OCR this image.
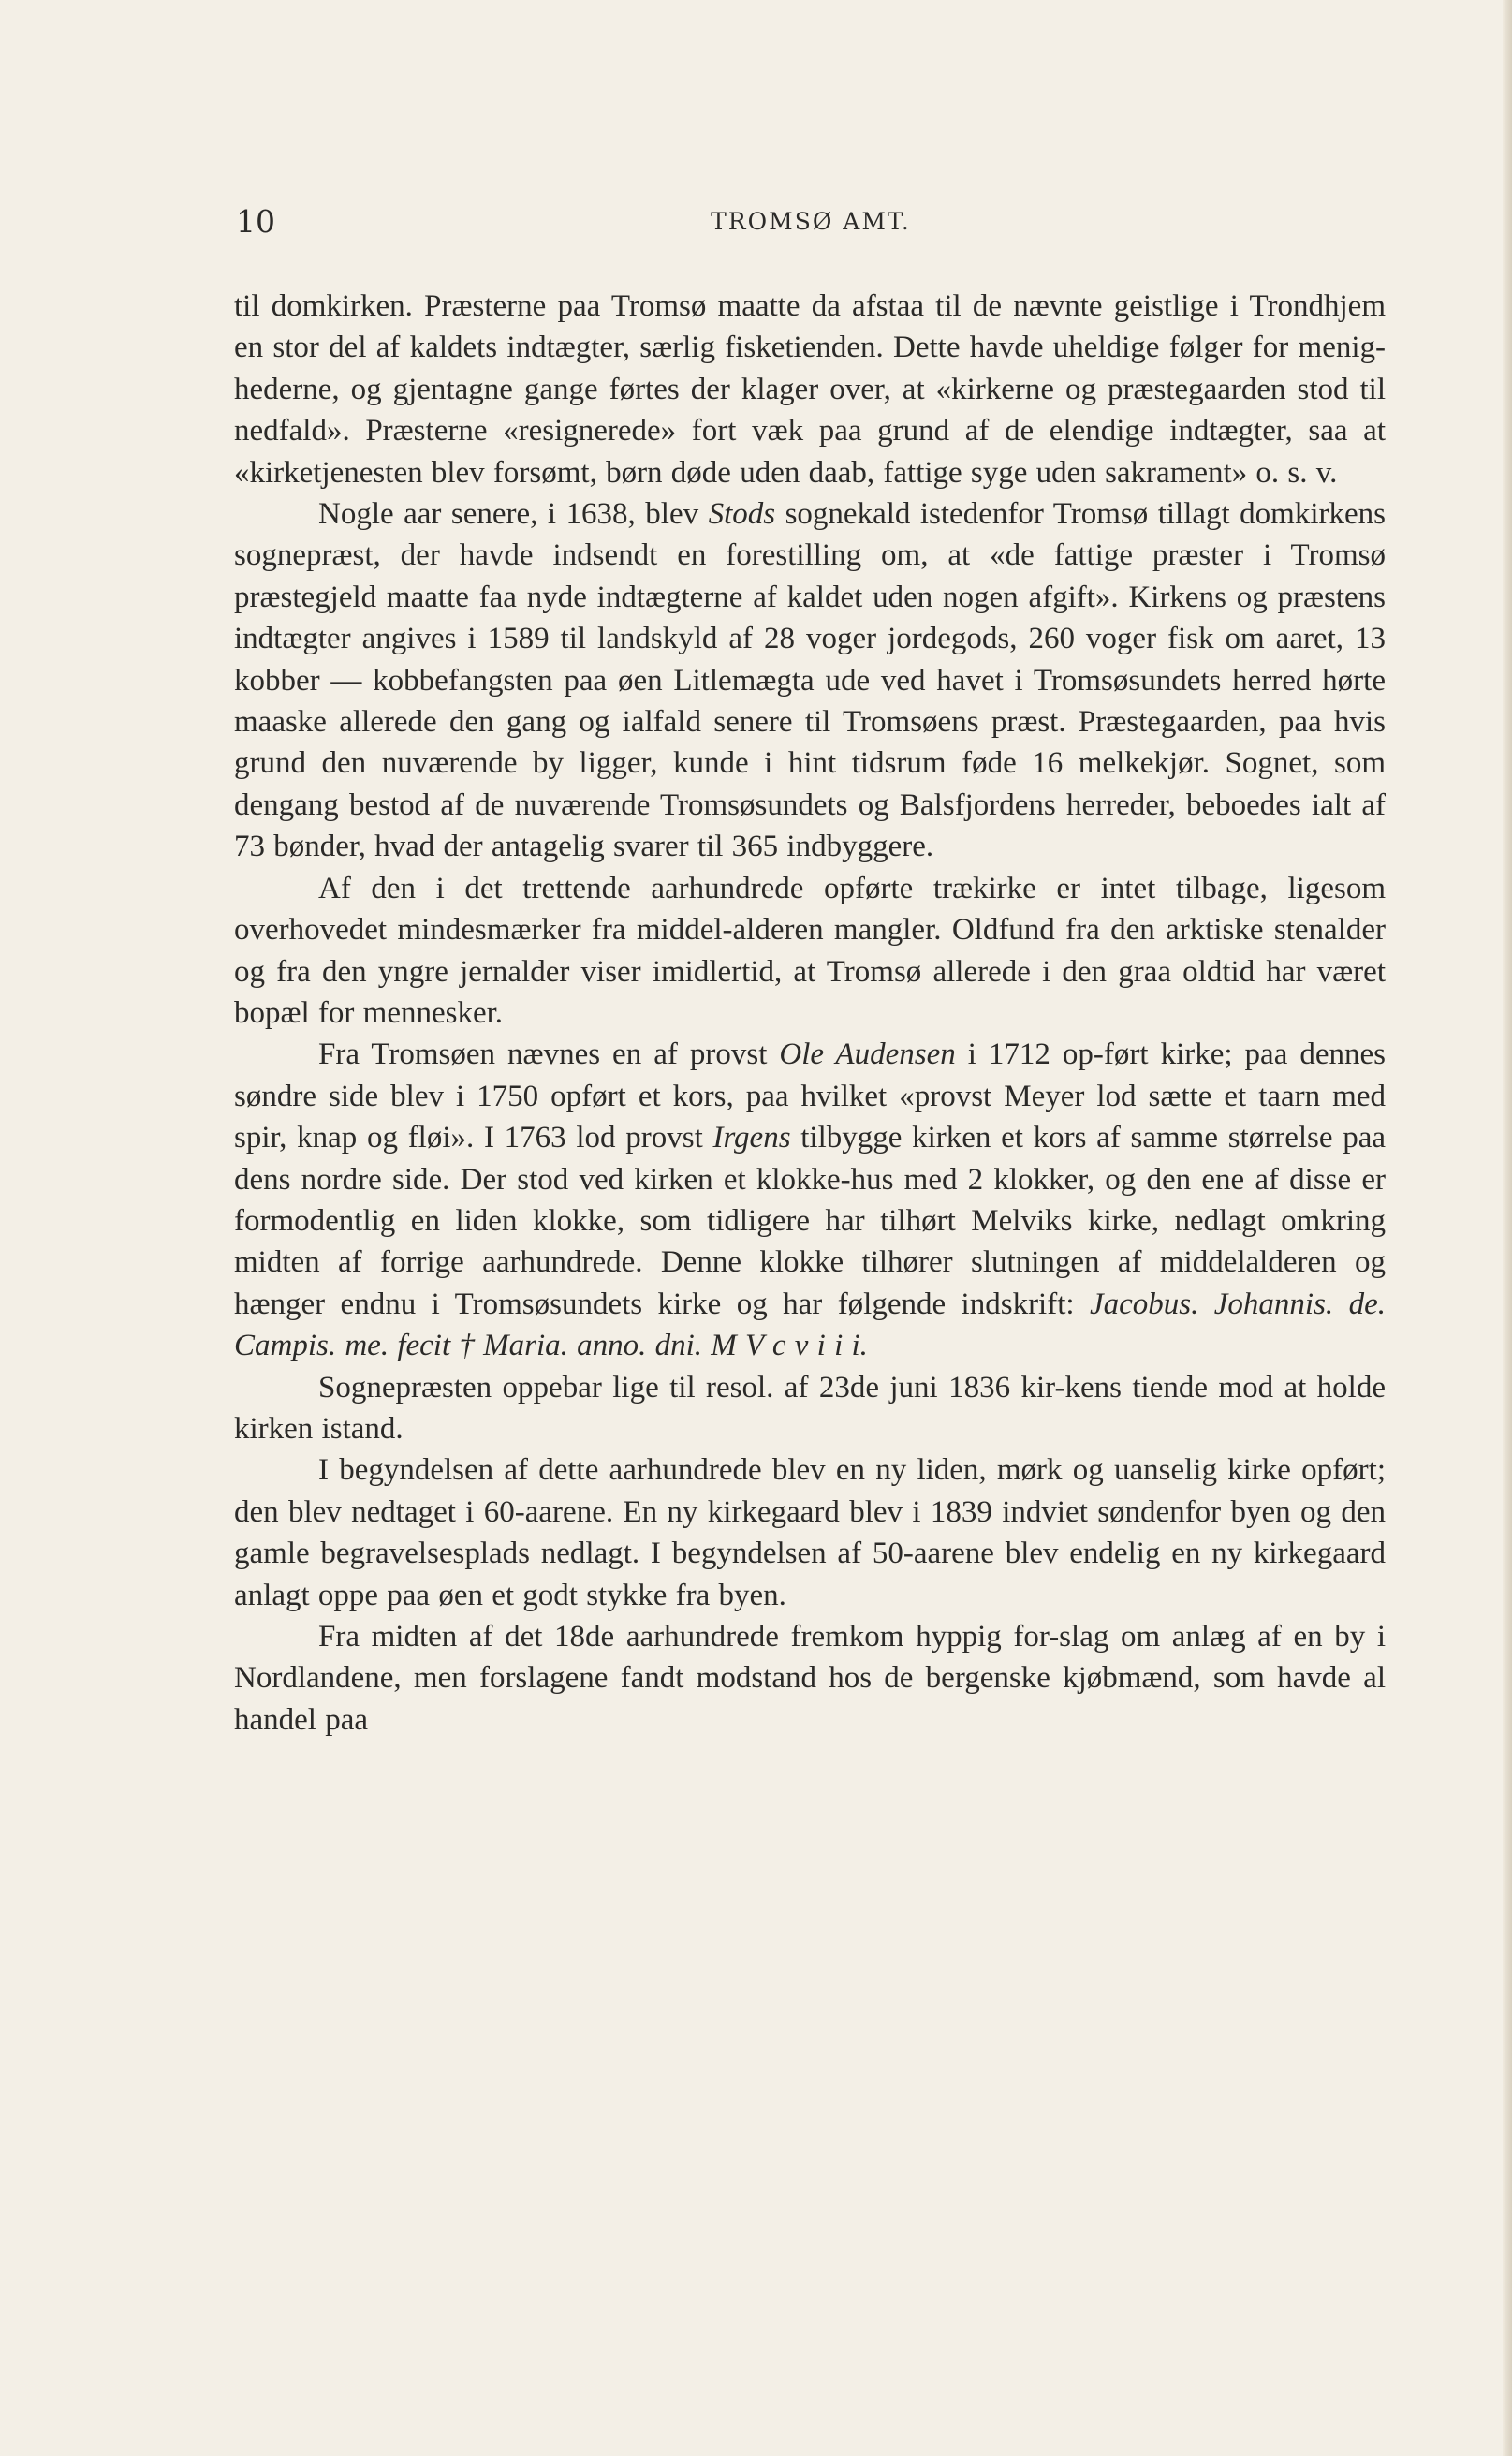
10	TROMSØ AMT.

til domkirken. Præsterne paa Tromsø maatte da afstaa til de nævnte geistlige i Trondhjem en stor del af kaldets indtægter, særlig fisketienden. Dette havde uheldige følger for menig-hederne, og gjentagne gange førtes der klager over, at «kirkerne og præstegaarden stod til nedfald». Præsterne «resignerede» fort væk paa grund af de elendige indtægter, saa at «kirketjenesten blev forsømt, børn døde uden daab, fattige syge uden sakrament» o. s. v.

Nogle aar senere, i 1638, blev Stods sognekald istedenfor Tromsø tillagt domkirkens sognepræst, der havde indsendt en forestilling om, at «de fattige præster i Tromsø præstegjeld maatte faa nyde indtægterne af kaldet uden nogen afgift». Kirkens og præstens indtægter angives i 1589 til landskyld af 28 voger jordegods, 260 voger fisk om aaret, 13 kobber — kobbefangsten paa øen Litlemægta ude ved havet i Tromsøsundets herred hørte maaske allerede den gang og ialfald senere til Tromsøens præst. Præstegaarden, paa hvis grund den nuværende by ligger, kunde i hint tidsrum føde 16 melkekjør. Sognet, som dengang bestod af de nuværende Tromsøsundets og Balsfjordens herreder, beboedes ialt af 73 bønder, hvad der antagelig svarer til 365 indbyggere.

Af den i det trettende aarhundrede opførte trækirke er intet tilbage, ligesom overhovedet mindesmærker fra middel-alderen mangler. Oldfund fra den arktiske stenalder og fra den yngre jernalder viser imidlertid, at Tromsø allerede i den graa oldtid har været bopæl for mennesker.

Fra Tromsøen nævnes en af provst Ole Audensen i 1712 op-ført kirke; paa dennes søndre side blev i 1750 opført et kors, paa hvilket «provst Meyer lod sætte et taarn med spir, knap og fløi». I 1763 lod provst Irgens tilbygge kirken et kors af samme størrelse paa dens nordre side. Der stod ved kirken et klokke-hus med 2 klokker, og den ene af disse er formodentlig en liden klokke, som tidligere har tilhørt Melviks kirke, nedlagt omkring midten af forrige aarhundrede. Denne klokke tilhører slutningen af middelalderen og hænger endnu i Tromsøsundets kirke og har følgende indskrift: Jacobus. Johannis. de. Campis. me. fecit † Maria. anno. dni. M V c v i i i.

Sognepræsten oppebar lige til resol. af 23de juni 1836 kir-kens tiende mod at holde kirken istand.

I begyndelsen af dette aarhundrede blev en ny liden, mørk og uanselig kirke opført; den blev nedtaget i 60-aarene. En ny kirkegaard blev i 1839 indviet søndenfor byen og den gamle begravelsesplads nedlagt. I begyndelsen af 50-aarene blev endelig en ny kirkegaard anlagt oppe paa øen et godt stykke fra byen.

Fra midten af det 18de aarhundrede fremkom hyppig for-slag om anlæg af en by i Nordlandene, men forslagene fandt modstand hos de bergenske kjøbmænd, som havde al handel paa
